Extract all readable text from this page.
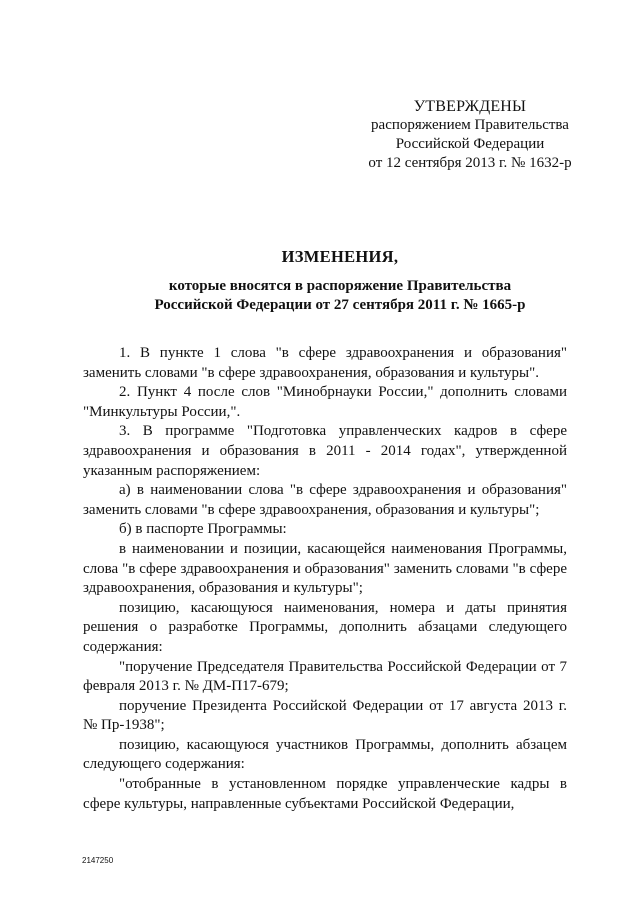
УТВЕРЖДЕНЫ
распоряжением Правительства
Российской Федерации
от 12 сентября 2013 г. № 1632-р
ИЗМЕНЕНИЯ,
которые вносятся в распоряжение Правительства
Российской Федерации от 27 сентября 2011 г. № 1665-р

1. В пункте 1 слова "в сфере здравоохранения и образования" заменить словами "в сфере здравоохранения, образования и культуры".

2. Пункт 4 после слов "Минобрнауки России," дополнить словами "Минкультуры России,".

3. В программе "Подготовка управленческих кадров в сфере здравоохранения и образования в 2011 - 2014 годах", утвержденной указанным распоряжением:

а) в наименовании слова "в сфере здравоохранения и образования" заменить словами "в сфере здравоохранения, образования и культуры";

б) в паспорте Программы:

в наименовании и позиции, касающейся наименования Программы, слова "в сфере здравоохранения и образования" заменить словами "в сфере здравоохранения, образования и культуры";

позицию, касающуюся наименования, номера и даты принятия решения о разработке Программы, дополнить абзацами следующего содержания:

"поручение Председателя Правительства Российской Федерации от 7 февраля 2013 г. № ДМ-П17-679;

поручение Президента Российской Федерации от 17 августа 2013 г. № Пр-1938";

позицию, касающуюся участников Программы, дополнить абзацем следующего содержания:

"отобранные в установленном порядке управленческие кадры в сфере культуры, направленные субъектами Российской Федерации,

2147250
